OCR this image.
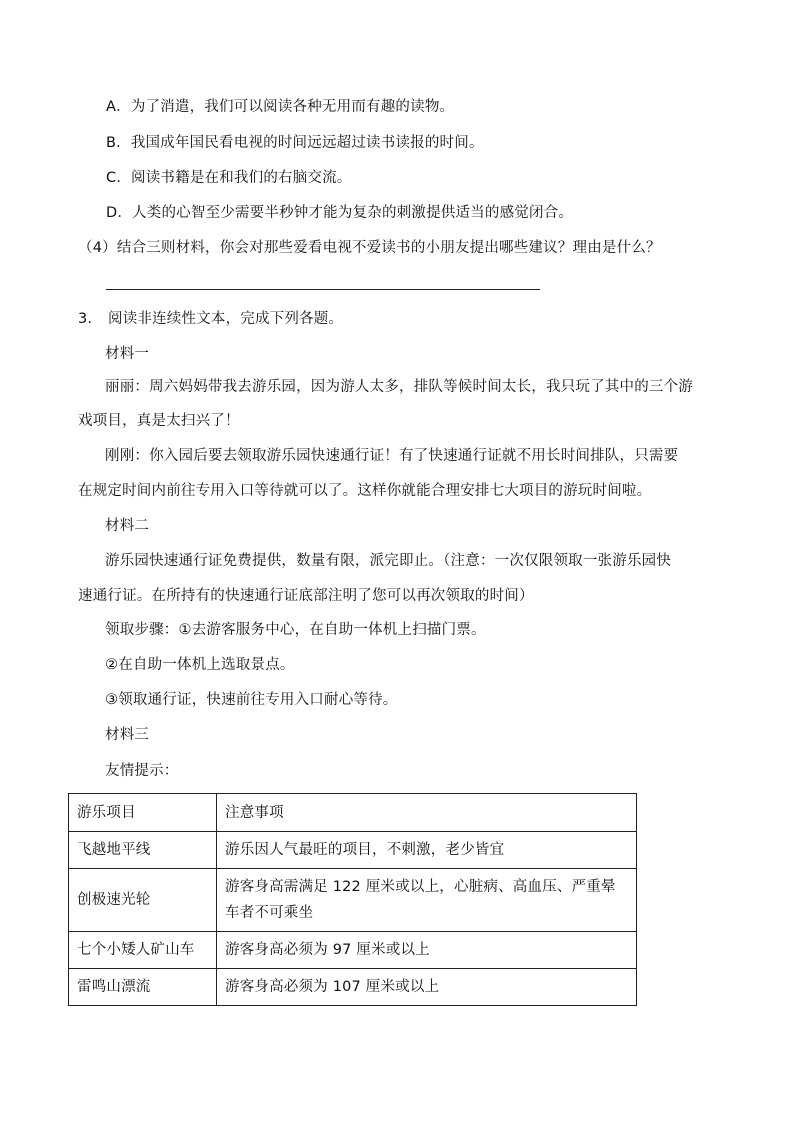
A．为了消遣，我们可以阅读各种无用而有趣的读物。
B．我国成年国民看电视的时间远远超过读书读报的时间。
C．阅读书籍是在和我们的右脑交流。
D．人类的心智至少需要半秒钟才能为复杂的刺激提供适当的感觉闭合。
（4）结合三则材料，你会对那些爱看电视不爱读书的小朋友提出哪些建议？理由是什么？
3. 阅读非连续性文本，完成下列各题。
材料一
丽丽：周六妈妈带我去游乐园，因为游人太多，排队等候时间太长，我只玩了其中的三个游
戏项目，真是太扫兴了！
刚刚：你入园后要去领取游乐园快速通行证！有了快速通行证就不用长时间排队，只需要
在规定时间内前往专用入口等待就可以了。这样你就能合理安排七大项目的游玩时间啦。
材料二
游乐园快速通行证免费提供，数量有限，派完即止。（注意：一次仅限领取一张游乐园快
速通行证。在所持有的快速通行证底部注明了您可以再次领取的时间）
领取步骤：①去游客服务中心，在自助一体机上扫描门票。
②在自助一体机上选取景点。
③领取通行证，快速前往专用入口耐心等待。
材料三
友情提示：
游乐项目	注意事项
飞越地平线	游乐因人气最旺的项目，不刺激，老少皆宜
创极速光轮	游客身高需满足 122 厘米或以上，心脏病、高血压、严重晕车者不可乘坐
七个小矮人矿山车	游客身高必须为 97 厘米或以上
雷鸣山漂流	游客身高必须为 107 厘米或以上
